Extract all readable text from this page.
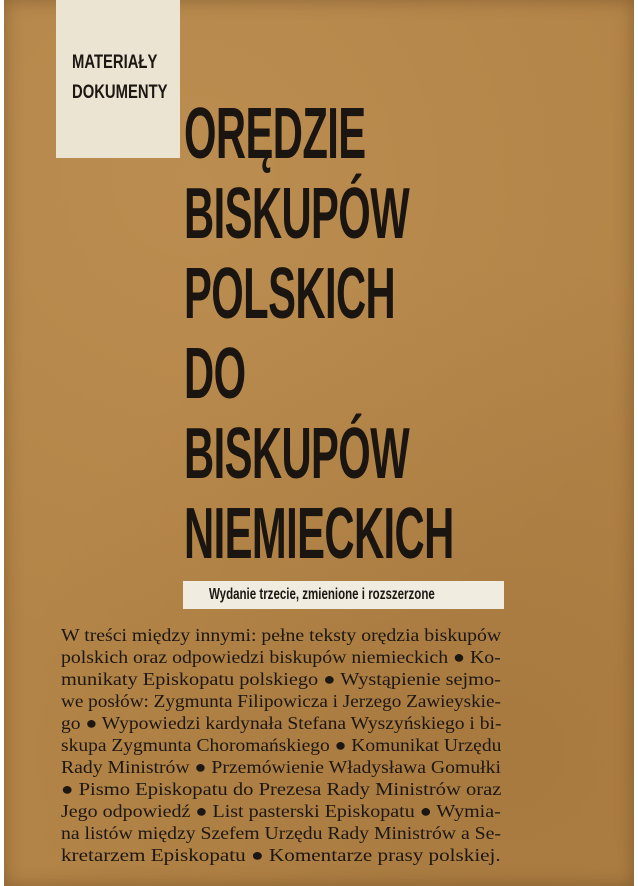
MATERIAŁY
DOKUMENTY
ORĘDZIE
BISKUPÓW
POLSKICH
DO
BISKUPÓW
NIEMIECKICH
Wydanie trzecie, zmienione i rozszerzone
W treści między innymi: pełne teksty orędzia biskupów
polskich oraz odpowiedzi biskupów niemieckich ● Ko-
munikaty Episkopatu polskiego ● Wystąpienie sejmo-
we posłów: Zygmunta Filipowicza i Jerzego Zawieyskie-
go ● Wypowiedzi kardynała Stefana Wyszyńskiego i bi-
skupa Zygmunta Choromańskiego ● Komunikat Urzędu
Rady Ministrów ● Przemówienie Władysława Gomułki
● Pismo Episkopatu do Prezesa Rady Ministrów oraz
Jego odpowiedź ● List pasterski Episkopatu ● Wymia-
na listów między Szefem Urzędu Rady Ministrów a Se-
kretarzem Episkopatu ● Komentarze prasy polskiej.
